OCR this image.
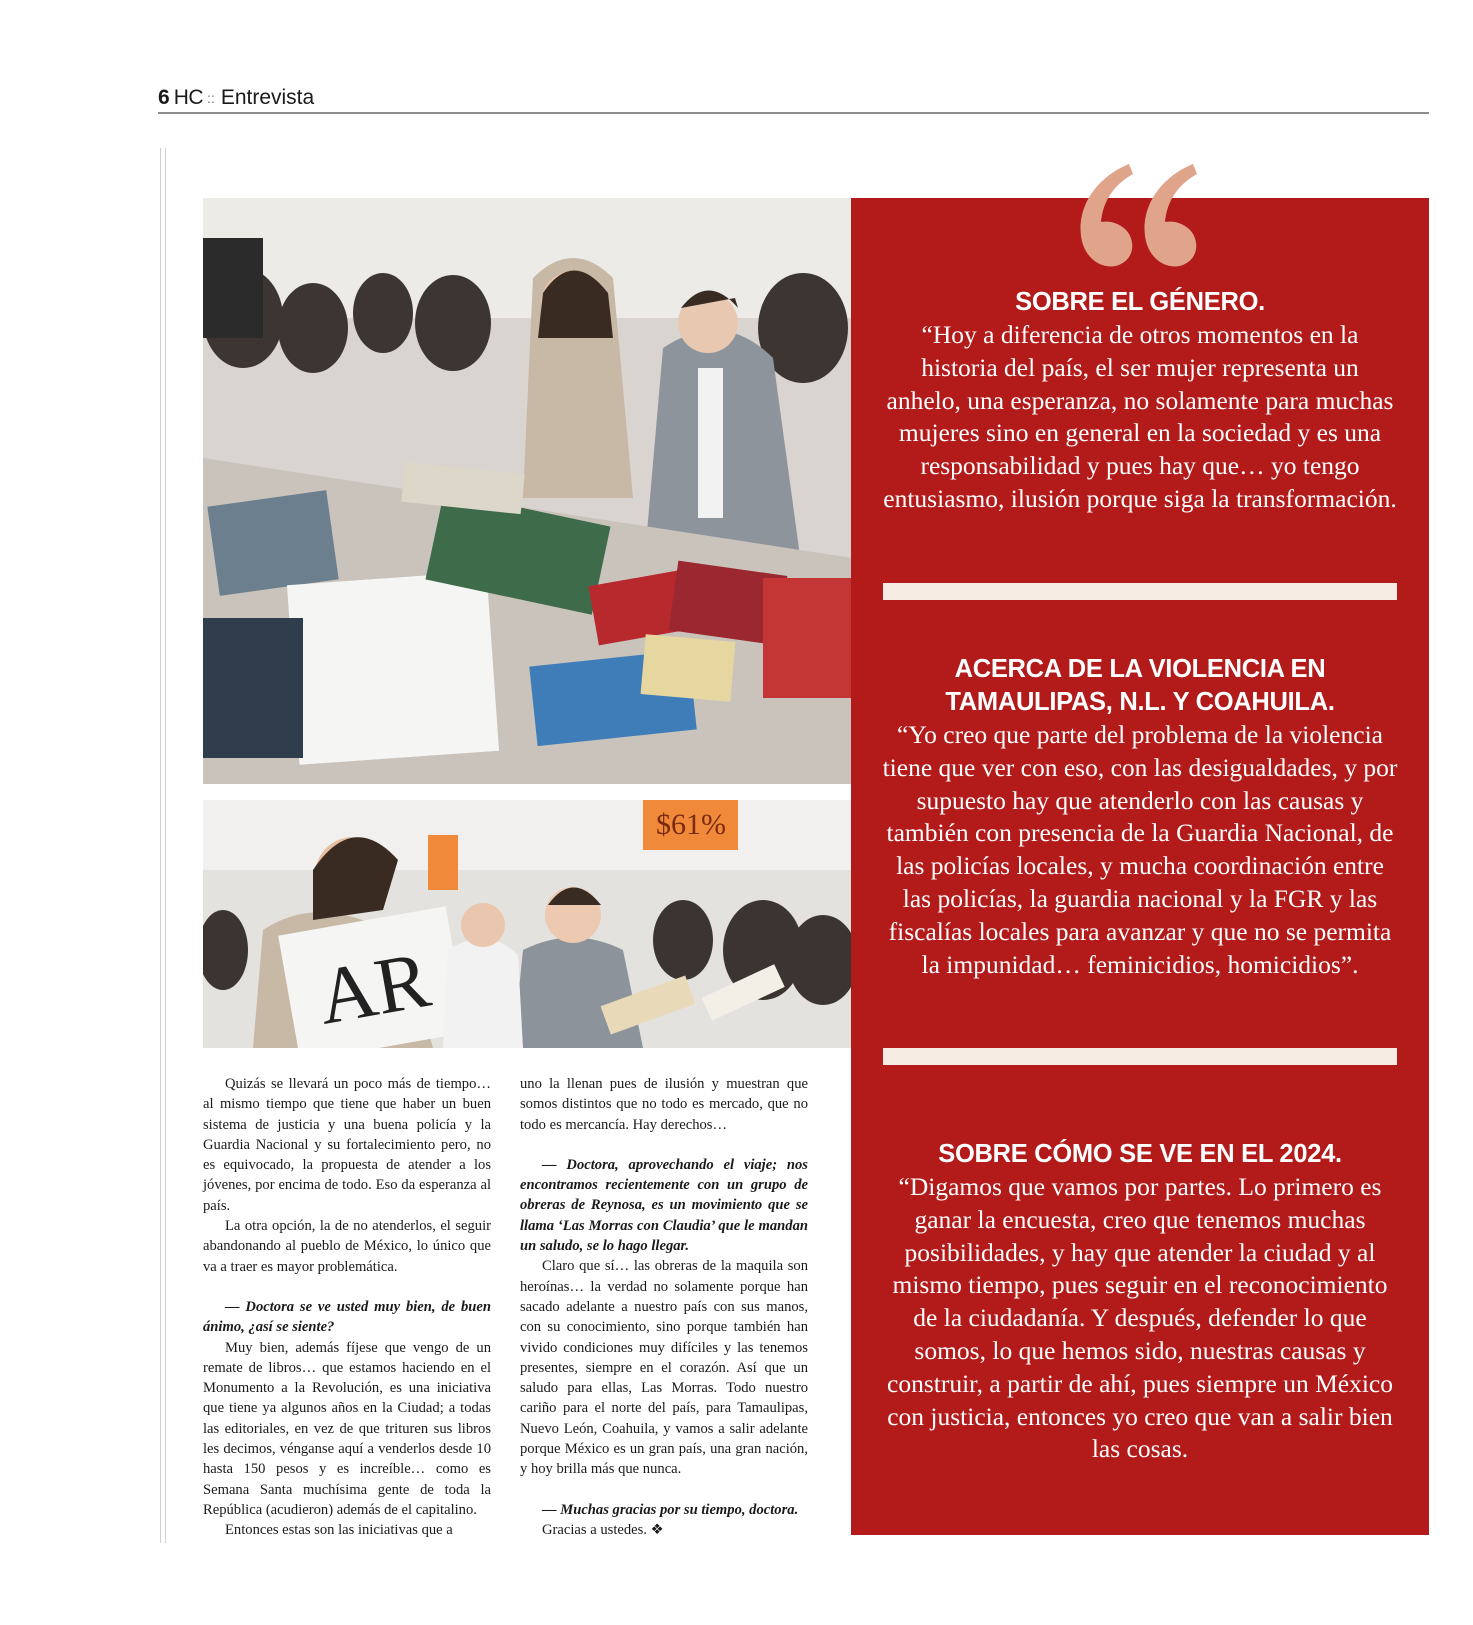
6 HC :: Entrevista
$61%
AR

Quizás se llevará un poco más de tiempo… al mismo tiempo que tiene que haber un buen sistema de justicia y una buena policía y la Guardia Nacional y su fortalecimiento pero, no es equivocado, la propuesta de atender a los jóvenes, por encima de todo. Eso da esperanza al país.

La otra opción, la de no atenderlos, el seguir abandonando al pueblo de México, lo único que va a traer es mayor problemática.

— Doctora se ve usted muy bien, de buen ánimo, ¿así se siente?

Muy bien, además fíjese que vengo de un remate de libros… que estamos haciendo en el Monumento a la Revolución, es una iniciativa que tiene ya algunos años en la Ciudad; a todas las editoriales, en vez de que trituren sus libros les decimos, vénganse aquí a venderlos desde 10 hasta 150 pesos y es increíble… como es Semana Santa muchísima gente de toda la República (acudieron) además de el capitalino.

Entonces estas son las iniciativas que a

uno la llenan pues de ilusión y muestran que somos distintos que no todo es mercado, que no todo es mercancía. Hay derechos…

— Doctora, aprovechando el viaje; nos encontramos recientemente con un grupo de obreras de Reynosa, es un movimiento que se llama ‘Las Morras con Claudia’ que le mandan un saludo, se lo hago llegar.

Claro que sí… las obreras de la maquila son heroínas… la verdad no solamente porque han sacado adelante a nuestro país con sus manos, con su conocimiento, sino porque también han vivido condiciones muy difíciles y las tenemos presentes, siempre en el corazón. Así que un saludo para ellas, Las Morras. Todo nuestro cariño para el norte del país, para Tamaulipas, Nuevo León, Coahuila, y vamos a salir adelante porque México es un gran país, una gran nación, y hoy brilla más que nunca.

— Muchas gracias por su tiempo, doctora.

Gracias a ustedes. ❖

SOBRE EL GÉNERO.
“Hoy a diferencia de otros momentos en la historia del país, el ser mujer representa un anhelo, una esperanza, no solamente para muchas mujeres sino en general en la sociedad y es una responsabilidad y pues hay que… yo tengo entusiasmo, ilusión porque siga la transformación.
ACERCA DE LA VIOLENCIA EN TAMAULIPAS, N.L. Y COAHUILA.
“Yo creo que parte del problema de la violencia tiene que ver con eso, con las desigualdades, y por supuesto hay que atenderlo con las causas y también con presencia de la Guardia Nacional, de las policías locales, y mucha coordinación entre las policías, la guardia nacional y la FGR y las fiscalías locales para avanzar y que no se permita la impunidad… feminicidios, homicidios”.
SOBRE CÓMO SE VE EN EL 2024.
“Digamos que vamos por partes. Lo primero es ganar la encuesta, creo que tenemos muchas posibilidades, y hay que atender la ciudad y al mismo tiempo, pues seguir en el reconocimiento de la ciudadanía. Y después, defender lo que somos, lo que hemos sido, nuestras causas y construir, a partir de ahí, pues siempre un México con justicia, entonces yo creo que van a salir bien las cosas.
